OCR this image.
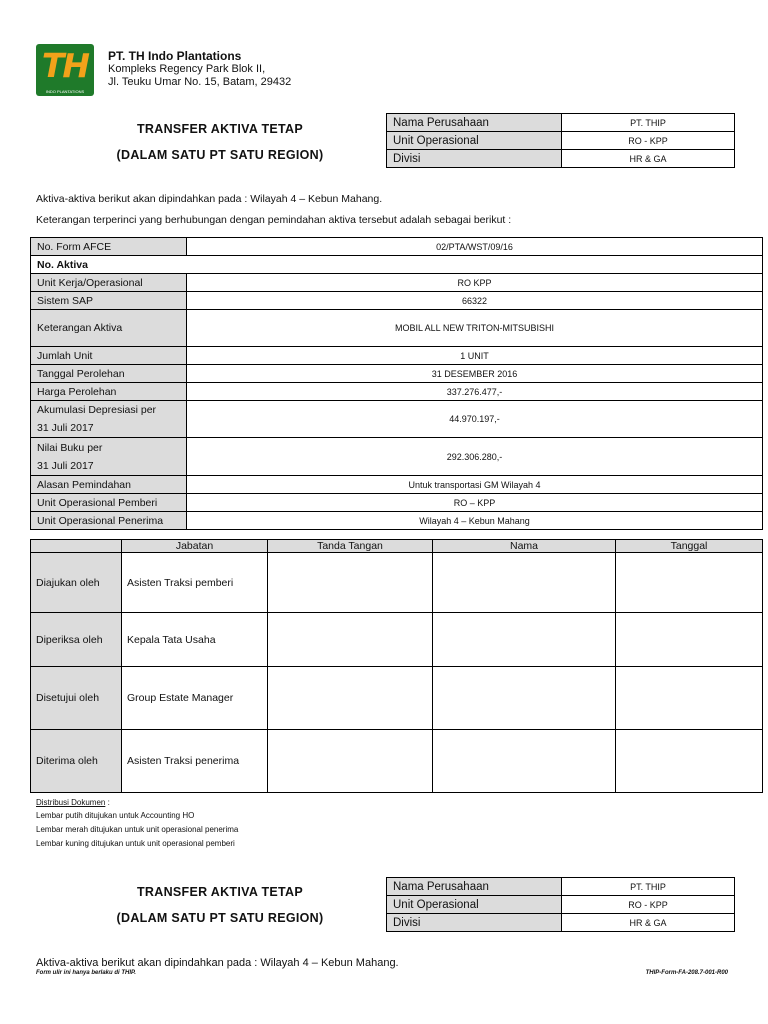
TH
INDO PLANTATIONS
PT. TH Indo Plantations
Kompleks Regency Park Blok II,
Jl. Teuku Umar No. 15, Batam, 29432
TRANSFER AKTIVA TETAP
(DALAM SATU PT SATU REGION)
Nama Perusahaan	PT. THIP
Unit Operasional	RO - KPP
Divisi	HR & GA
Aktiva-aktiva berikut akan dipindahkan pada : Wilayah 4 – Kebun Mahang.
Keterangan terperinci yang berhubungan dengan pemindahan aktiva tersebut adalah sebagai berikut :
No. Form AFCE	02/PTA/WST/09/16
No. Aktiva	
Unit Kerja/Operasional	RO KPP
Sistem SAP	66322
Keterangan Aktiva	MOBIL ALL NEW TRITON-MITSUBISHI
Jumlah Unit	1 UNIT
Tanggal Perolehan	31 DESEMBER 2016
Harga Perolehan	337.276.477,-

Akumulasi Depresiasi per
31 Juli 2017	44.970.197,-

Nilai Buku per
31 Juli 2017	292.306.280,-
Alasan Pemindahan	Untuk transportasi GM Wilayah 4
Unit Operasional Pemberi	RO – KPP
Unit Operasional Penerima	Wilayah 4 – Kebun Mahang
	Jabatan	Tanda Tangan	Nama	Tanggal
Diajukan oleh	Asisten Traksi pemberi			
Diperiksa oleh	Kepala Tata Usaha			
Disetujui oleh	Group Estate Manager			
Diterima oleh	Asisten Traksi penerima			
Distribusi Dokumen :
Lembar putih ditujukan untuk Accounting HO
Lembar merah ditujukan untuk unit operasional penerima
Lembar kuning ditujukan untuk unit operasional pemberi
TRANSFER AKTIVA TETAP
(DALAM SATU PT SATU REGION)
Nama Perusahaan	PT. THIP
Unit Operasional	RO - KPP
Divisi	HR & GA
Aktiva-aktiva berikut akan dipindahkan pada : Wilayah 4 – Kebun Mahang.
Form ulir ini hanya berlaku di THIP.	THIP-Form-FA-208.7-001-R00
